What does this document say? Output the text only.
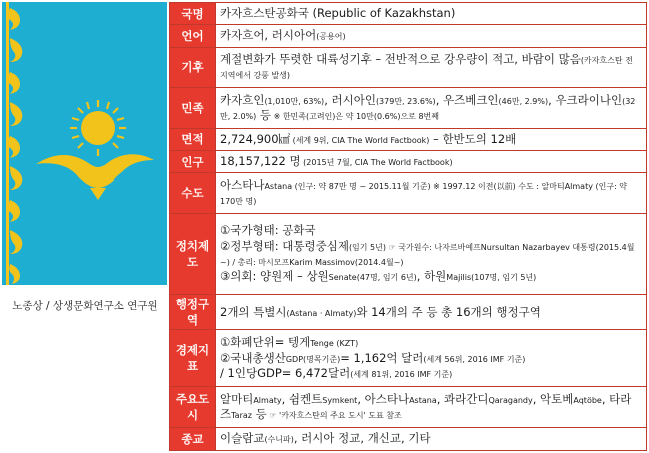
노종상 / 상생문화연구소 연구원
국명	카자흐스탄공화국 (Republic of Kazakhstan)
언어	카자흐어, 러시아어(공용어)
기후	계절변화가 뚜렷한 대륙성기후 – 전반적으로 강우량이 적고, 바람이 많음(카자흐스탄 전 지역에서 강풍 발생)
민족	카자흐인(1,010만, 63%), 러시아인(379만, 23.6%), 우즈베크인(46만, 2.9%), 우크라이나인(32만, 2.0%) 등 ※ 한민족(고려인)은 약 10만(0.6%)으로 8번째
면적	2,724,900㎢ (세계 9위, CIA The World Factbook) – 한반도의 12배
인구	18,157,122 명 (2015년 7월, CIA The World Factbook)
수도	아스타나Astana (인구: 약 87만 명 ~ 2015.11월 기준) ※ 1997.12 이전(以前) 수도 : 알마티Almaty (인구: 약 170만 명)
정치제도	①국가형태: 공화국
②정부형태: 대통령중심제(임기 5년) ☞ 국가원수: 나자르바예프Nursultan Nazarbayev 대통령(2015.4월~) / 총리: 마시모프Karim Massimov(2014.4월~)
③의회: 양원제 – 상원Senate(47명, 임기 6년), 하원Majilis(107명, 임기 5년)

행정구역	2개의 특별시(Astana · Almaty)와 14개의 주 등 총 16개의 행정구역
경제지표	①화폐단위= 텡게Tenge (KZT)
②국내총생산GDP(명목기준)= 1,162억 달러(세계 56위, 2016 IMF 기준)
/ 1인당GDP= 6,472달러(세계 81위, 2016 IMF 기준)

주요도시	알마티Almaty, 쉼켄트Symkent, 아스타나Astana, 콰라간디Qaragandy, 악토베Aqtöbe, 타라즈Taraz 등 ☞ '카자흐스탄의 주요 도시' 도표 참조
종교	이슬람교(수니파), 러시아 정교, 개신교, 기타
